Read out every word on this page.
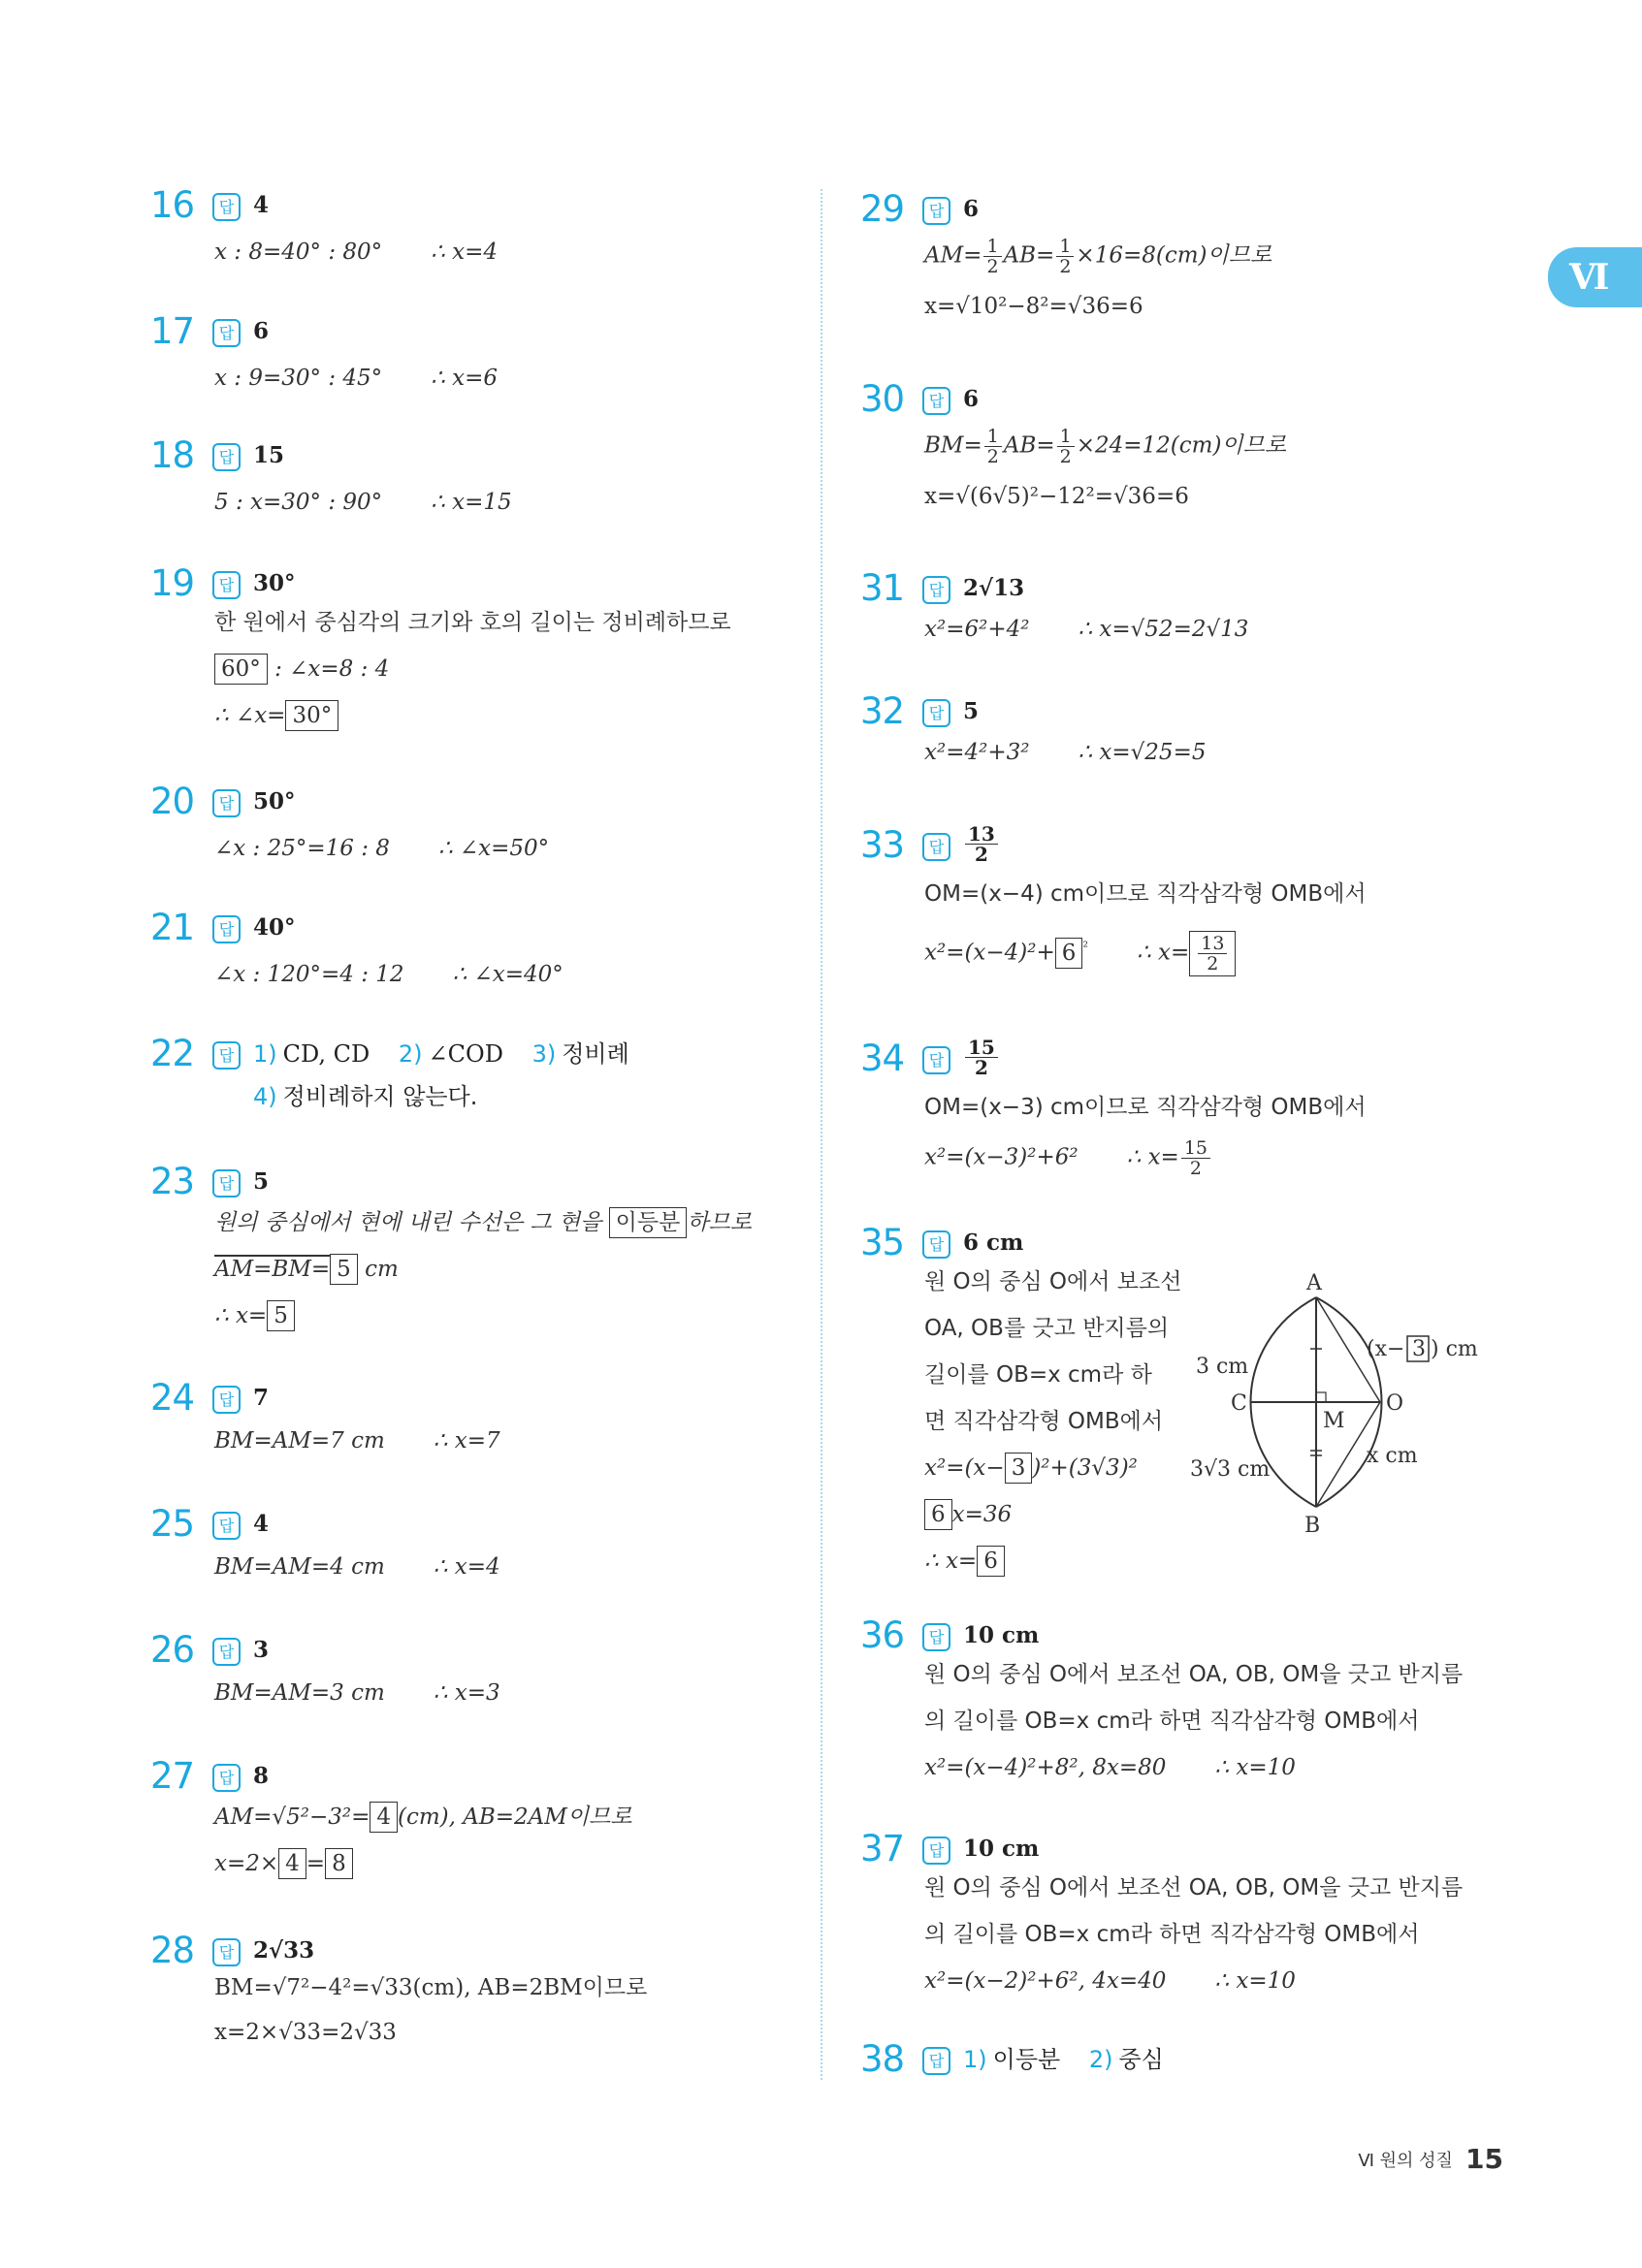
Ⅵ
16	답 4
x : 8=40° : 80° ∴ x=4
17	답 6
x : 9=30° : 45° ∴ x=6
18	답 15
5 : x=30° : 90° ∴ x=15
19	답 30°
한 원에서 중심각의 크기와 호의 길이는 정비례하므로
60° : ∠x=8 : 4
∴ ∠x= 30°
20	답 50°
∠x : 25°=16 : 8 ∴ ∠x=50°
21	답 40°
∠x : 120°=4 : 12 ∴ ∠x=40°
22	답 1) CD, CD 2) ∠COD 3) 정비례
4) 정비례하지 않는다.
23	답 5
원의 중심에서 현에 내린 수선은 그 현을 이등분 하므로
AM=BM= 5 cm
∴ x= 5
24	답 7
BM=AM=7 cm ∴ x=7
25	답 4
BM=AM=4 cm ∴ x=4
26	답 3
BM=AM=3 cm ∴ x=3
27	답 8
AM=√5²−3²= 4 (cm), AB=2AM이므로
x=2× 4 = 8
28	답 2√33
BM=√7²−4²=√33(cm), AB=2BM이므로
x=2×√33=2√33
29	답 6
$AM= \frac{1}{2} AB= \frac{1}{2} \times 16=8(cm)$이므로
x=√10²−8²=√36=6
30	답 6
$BM= \frac{1}{2} AB= \frac{1}{2} \times 24=12(cm)$이므로
x=√(6√5)²−12²=√36=6
31	답 2√13
x²=6²+4² ∴ x=√52=2√13
32	답 5
x²=4²+3² ∴ x=√25=5
33	답	$\frac{13}{2}$
OM=(x−4) cm이므로 직각삼각형 OMB에서
x²=(x−4)²+ 6 $^{^2}$ ∴ $x= \frac{13}{2}$
34	답	$\frac{15}{2}$
OM=(x−3) cm이므로 직각삼각형 OMB에서
x²=(x−3)²+6² ∴ $x= \frac{15}{2}$
35	답 6 cm
원 O의 중심 O에서 보조선
OA, OB를 긋고 반지름의
길이를 OB=x cm라 하
면 직각삼각형 OMB에서
x²=(x− 3 )²+(3√3)²
6 x=36
∴ x= 6
A
B
C	O
M
3 cm
3√3 cm
x cm
(x− 3 ) cm
36	답 10 cm
원 O의 중심 O에서 보조선 OA, OB, OM을 긋고 반지름
의 길이를 OB=x cm라 하면 직각삼각형 OMB에서
x²=(x−4)²+8², 8x=80 ∴ x=10
37	답 10 cm
원 O의 중심 O에서 보조선 OA, OB, OM을 긋고 반지름
의 길이를 OB=x cm라 하면 직각삼각형 OMB에서
x²=(x−2)²+6², 4x=40 ∴ x=10
38	답 1) 이등분 2) 중심
Ⅵ 원의 성질 15
